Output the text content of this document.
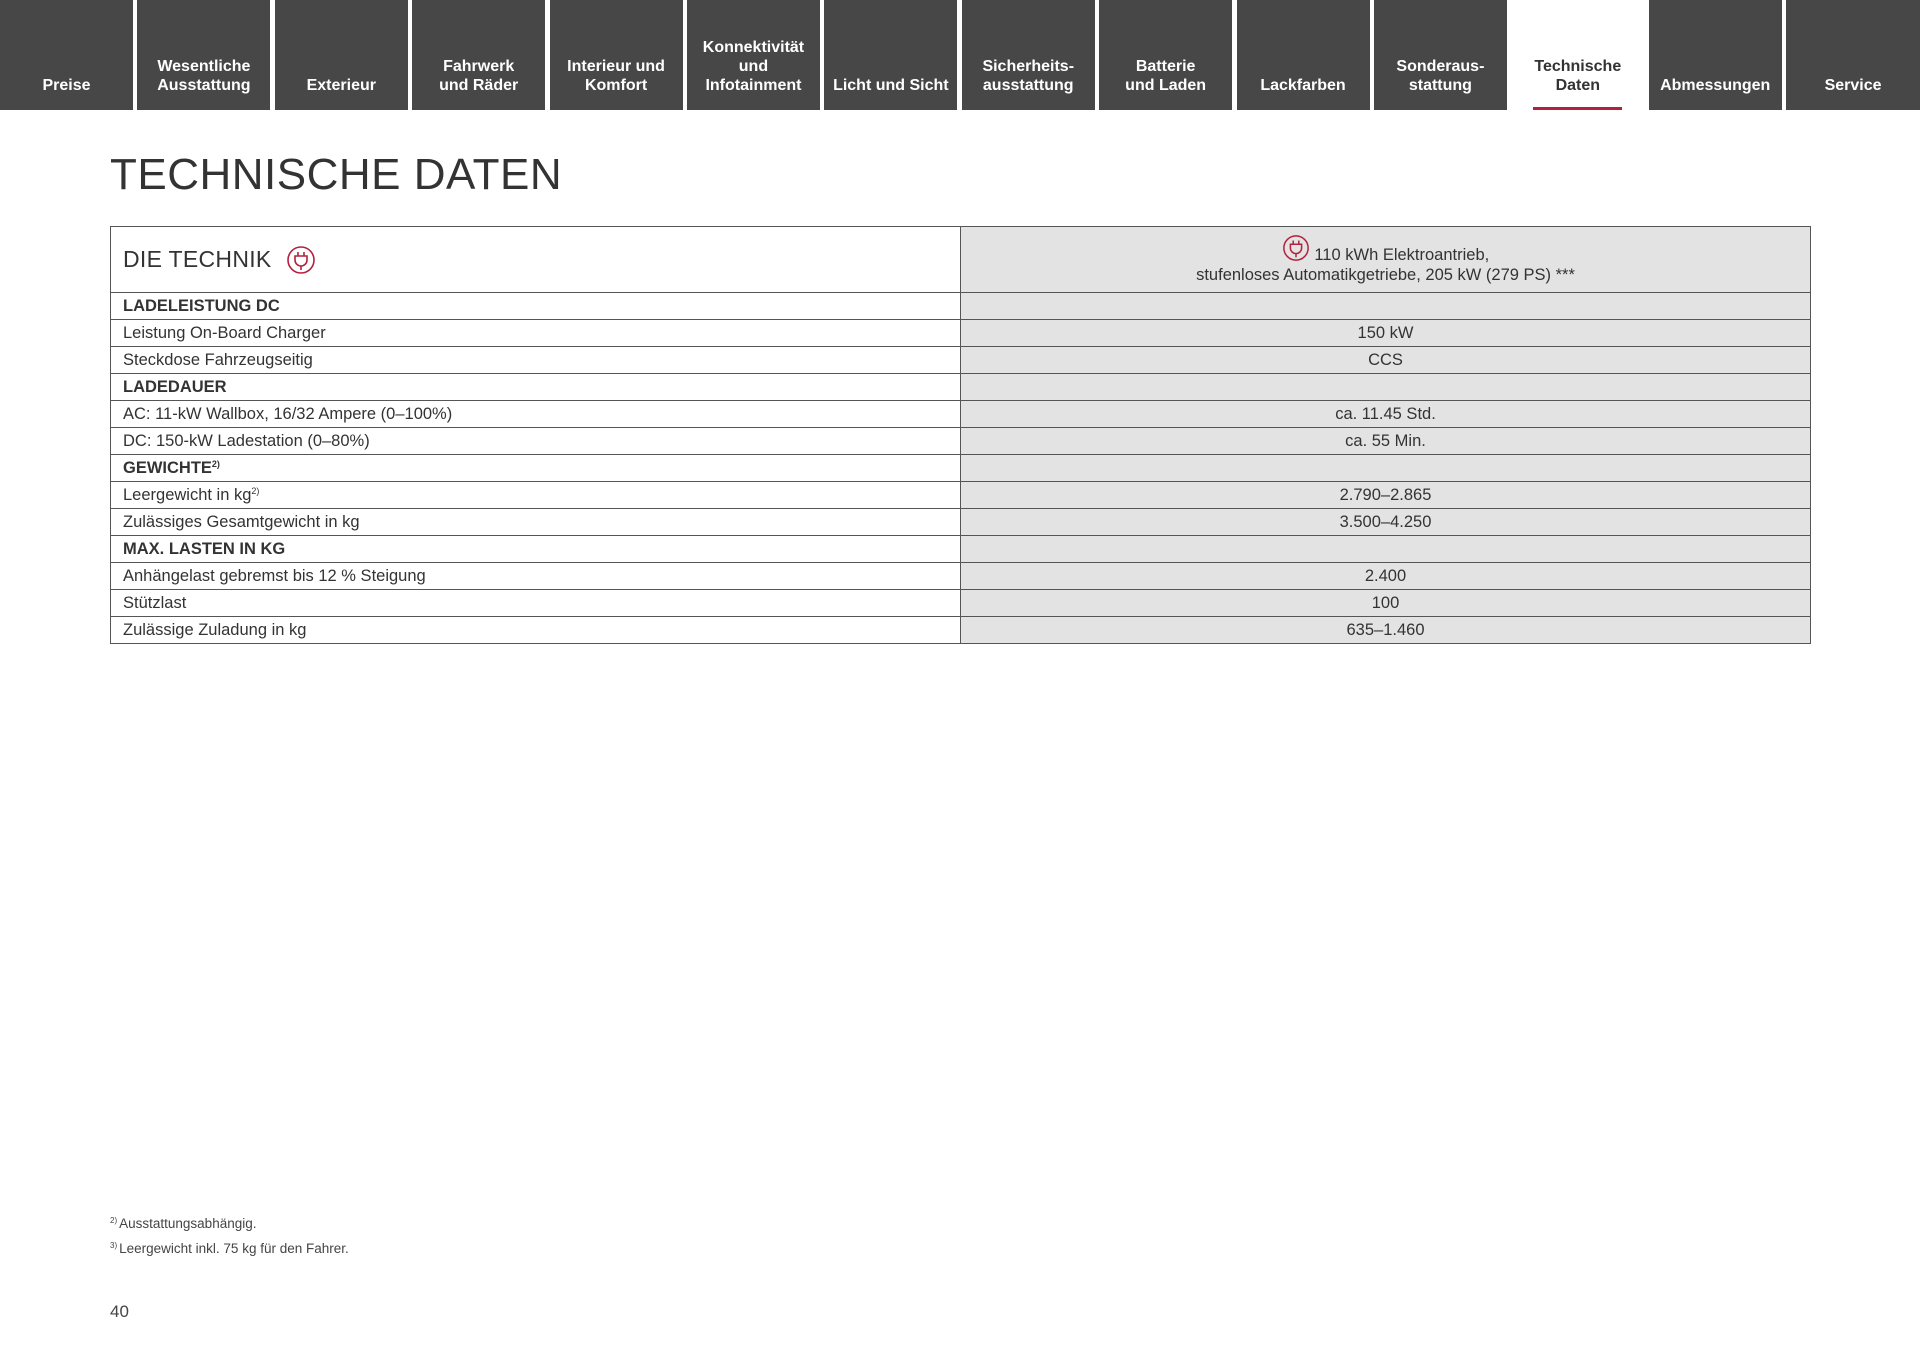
Preise
Wesentliche
Ausstattung	Exterieur
Fahrwerk
und Räder
Interieur und
Komfort
Konnektivität
und
Infotainment	Licht und Sicht
Sicherheits-
ausstattung
Batterie
und Laden	Lackfarben
Sonderaus-
stattung
Technische
Daten	Abmessungen	Service
TECHNISCHE DATEN
DIE TECHNIK	110 kWh Elektroantrieb,
stufenloses Automatikgetriebe, 205 kW (279 PS) ***
LADELEISTUNG DC	
Leistung On-Board Charger	150 kW
Steckdose Fahrzeugseitig	CCS
LADEDAUER	
AC: 11-kW Wallbox, 16/32 Ampere (0–100%)	ca. 11.45 Std.
DC: 150-kW Ladestation (0–80%)	ca. 55 Min.
GEWICHTE$^{2)}$	
Leergewicht in $kg^{2)}$	2.790–2.865
Zulässiges Gesamtgewicht in kg	3.500–4.250
MAX. LASTEN IN KG	
Anhängelast gebremst bis 12 % Steigung	2.400
Stützlast	100
Zulässige Zuladung in kg	635–1.460
$^{2)}$ Ausstattungsabhängig.
$^{3)}$ Leergewicht inkl. 75 kg für den Fahrer.
40
